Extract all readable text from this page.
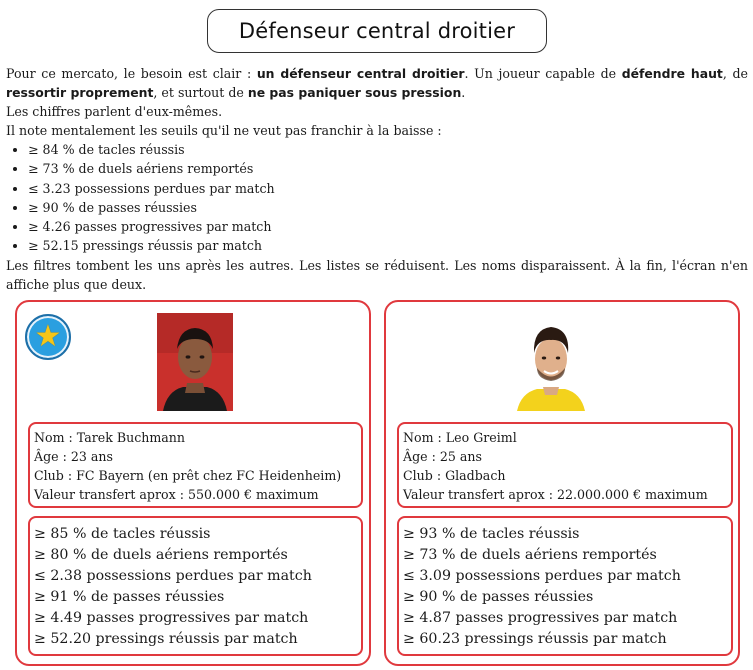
Défenseur central droitier

Pour ce mercato, le besoin est clair : un défenseur central droitier. Un joueur capable de défendre haut, de ressortir proprement, et surtout de ne pas paniquer sous pression.

Les chiffres parlent d'eux-mêmes.

Il note mentalement les seuils qu'il ne veut pas franchir à la baisse :

• ≥ 84 % de tacles réussis
• ≥ 73 % de duels aériens remportés
• ≤ 3.23 possessions perdues par match
• ≥ 90 % de passes réussies
• ≥ 4.26 passes progressives par match
• ≥ 52.15 pressings réussis par match

Les filtres tombent les uns après les autres. Les listes se réduisent. Les noms disparaissent. À la fin, l'écran n'en affiche plus que deux.

★
Nom : Tarek Buchmann
Âge : 23 ans
Club : FC Bayern (en prêt chez FC Heidenheim)
Valeur transfert aprox : 550.000 € maximum
≥ 85 % de tacles réussis
≥ 80 % de duels aériens remportés
≤ 2.38 possessions perdues par match
≥ 91 % de passes réussies
≥ 4.49 passes progressives par match
≥ 52.20 pressings réussis par match
Nom : Leo Greiml
Âge : 25 ans
Club : Gladbach
Valeur transfert aprox : 22.000.000 € maximum
≥ 93 % de tacles réussis
≥ 73 % de duels aériens remportés
≤ 3.09 possessions perdues par match
≥ 90 % de passes réussies
≥ 4.87 passes progressives par match
≥ 60.23 pressings réussis par match
